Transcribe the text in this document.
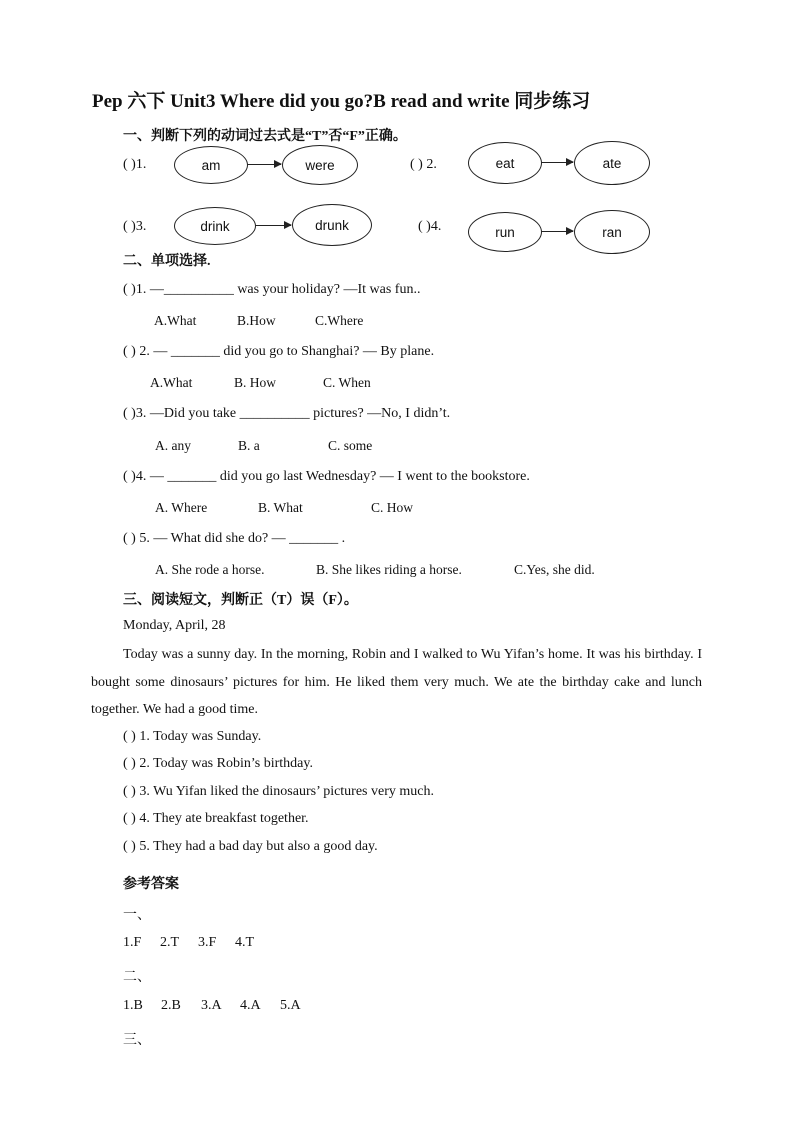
Pep 六下 Unit3 Where did you go?B read and write 同步练习
一、判断下列的动词过去式是“T”否“F”正确。
( )1.	am	were	( ) 2.	eat	ate
( )3.	drink	drunk	( )4.	run	ran
二、单项选择.
( )1. —__________ was your holiday? —It was fun..
A.What	B.How	C.Where
( ) 2. — _______ did you go to Shanghai? — By plane.
A.What	B. How	C. When
( )3. —Did you take __________ pictures? —No, I didn’t.
A. any	B. a	C. some
( )4. — _______ did you go last Wednesday? — I went to the bookstore.
A. Where	B. What	C. How
( ) 5. — What did she do? — _______ .
A. She rode a horse.	B. She likes riding a horse.	C.Yes, she did.
三、阅读短文，判断正（T）误（F）。
Monday, April, 28
Today was a sunny day. In the morning, Robin and I walked to Wu Yifan’s home. It was his birthday. I bought some dinosaurs’ pictures for him. He liked them very much. We ate the birthday cake and lunch together. We had a good time.
( ) 1. Today was Sunday.
( ) 2. Today was Robin’s birthday.
( ) 3. Wu Yifan liked the dinosaurs’ pictures very much.
( ) 4. They ate breakfast together.
( ) 5. They had a bad day but also a good day.
参考答案
一、
1.F 2.T 3.F 4.T
二、
1.B 2.B 3.A 4.A 5.A
三、
